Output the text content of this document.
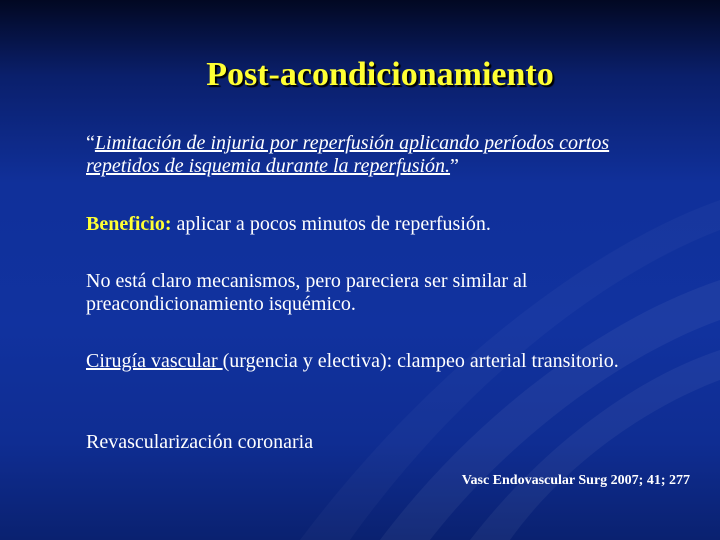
Post-acondicionamiento

“Limitación de injuria por reperfusión aplicando períodos cortos repetidos de isquemia durante la reperfusión.”

Beneficio: aplicar a pocos minutos de reperfusión.

No está claro mecanismos, pero pareciera ser similar al preacondicionamiento isquémico.

Cirugía vascular (urgencia y electiva): clampeo arterial transitorio.

Revascularización coronaria

Vasc Endovascular Surg 2007; 41; 277
